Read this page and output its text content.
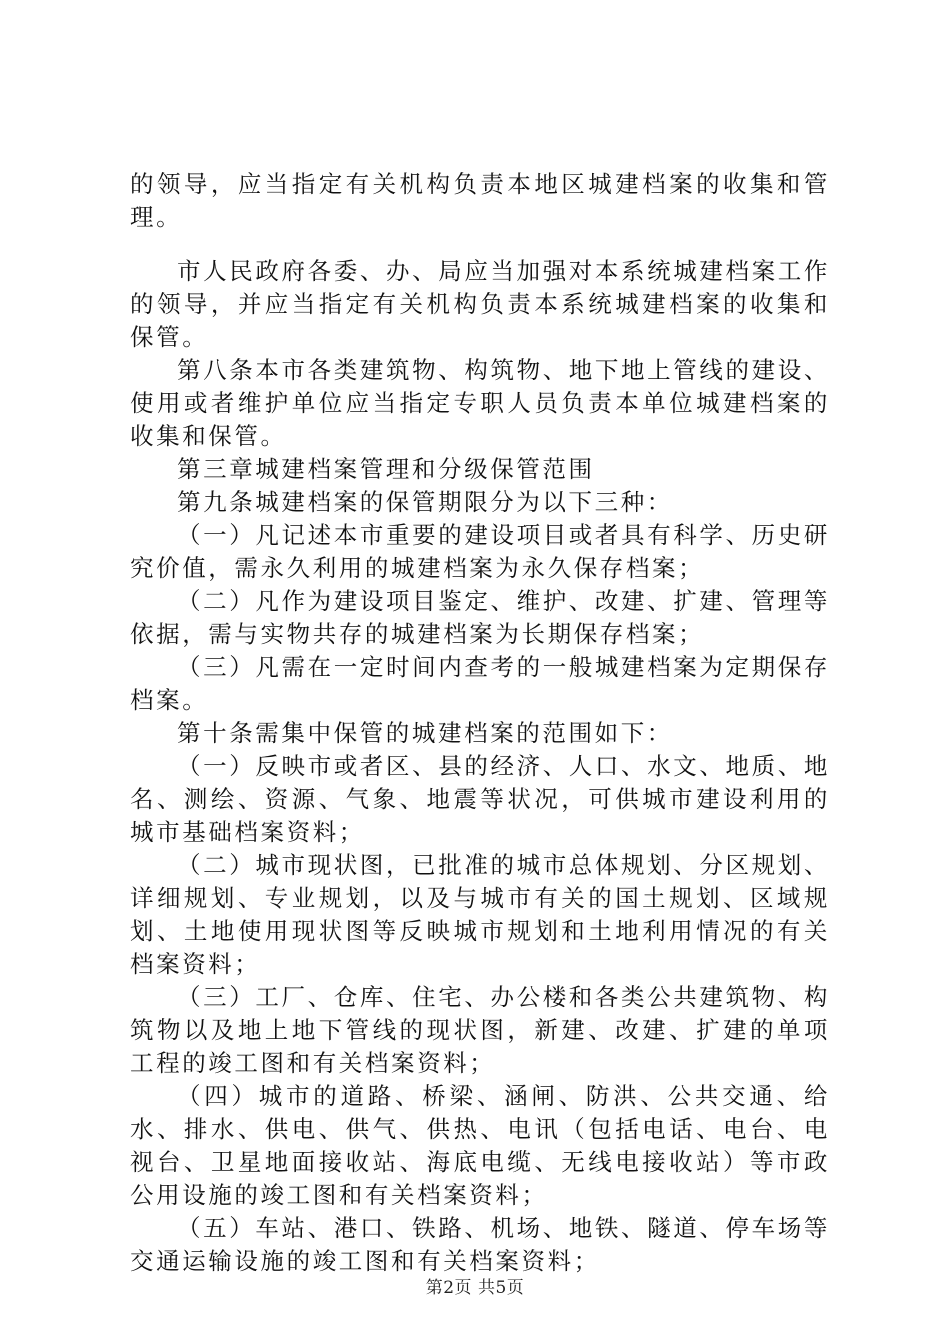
的领导，应当指定有关机构负责本地区城建档案的收集和管理。

市人民政府各委、办、局应当加强对本系统城建档案工作的领导，并应当指定有关机构负责本系统城建档案的收集和保管。

第八条本市各类建筑物、构筑物、地下地上管线的建设、使用或者维护单位应当指定专职人员负责本单位城建档案的收集和保管。

第三章城建档案管理和分级保管范围

第九条城建档案的保管期限分为以下三种：

（一）凡记述本市重要的建设项目或者具有科学、历史研究价值，需永久利用的城建档案为永久保存档案；

（二）凡作为建设项目鉴定、维护、改建、扩建、管理等依据，需与实物共存的城建档案为长期保存档案；

（三）凡需在一定时间内查考的一般城建档案为定期保存档案。

第十条需集中保管的城建档案的范围如下：

（一）反映市或者区、县的经济、人口、水文、地质、地名、测绘、资源、气象、地震等状况，可供城市建设利用的城市基础档案资料；

（二）城市现状图，已批准的城市总体规划、分区规划、详细规划、专业规划，以及与城市有关的国土规划、区域规划、土地使用现状图等反映城市规划和土地利用情况的有关档案资料；

（三）工厂、仓库、住宅、办公楼和各类公共建筑物、构筑物以及地上地下管线的现状图，新建、改建、扩建的单项工程的竣工图和有关档案资料；

（四）城市的道路、桥梁、涵闸、防洪、公共交通、给水、排水、供电、供气、供热、电讯（包括电话、电台、电视台、卫星地面接收站、海底电缆、无线电接收站）等市政公用设施的竣工图和有关档案资料；

（五）车站、港口、铁路、机场、地铁、隧道、停车场等交通运输设施的竣工图和有关档案资料；

第2页 共5页
